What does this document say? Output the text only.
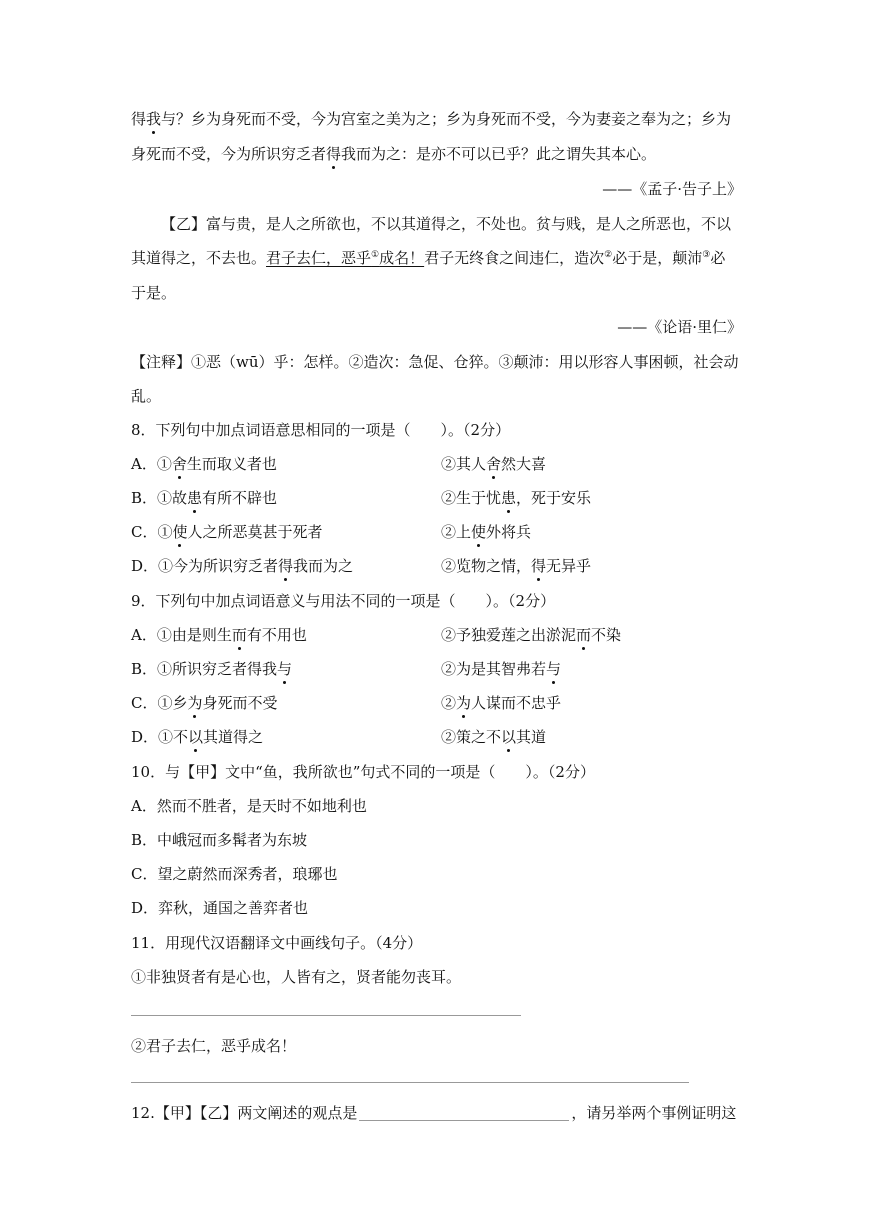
得我与？乡为身死而不受，今为宫室之美为之；乡为身死而不受，今为妻妾之奉为之；乡为
身死而不受，今为所识穷乏者得我而为之：是亦不可以已乎？此之谓失其本心。
——《孟子·告子上》
【乙】富与贵，是人之所欲也，不以其道得之，不处也。贫与贱，是人之所恶也，不以
其道得之，不去也。君子去仁，恶乎①成名！君子无终食之间违仁，造次②必于是，颠沛③必
于是。
——《论语·里仁》
【注释】①恶（wū）乎：怎样。②造次：急促、仓猝。③颠沛：用以形容人事困顿，社会动
乱。
8．下列句中加点词语意思相同的一项是（　　）。（2分）
A．①舍生而取义者也	②其人舍然大喜
B．①故患有所不辟也	②生于忧患，死于安乐
C．①使人之所恶莫甚于死者	②上使外将兵
D．①今为所识穷乏者得我而为之	②览物之情，得无异乎
9．下列句中加点词语意义与用法不同的一项是（　　）。（2分）
A．①由是则生而有不用也	②予独爱莲之出淤泥而不染
B．①所识穷乏者得我与	②为是其智弗若与
C．①乡为身死而不受	②为人谋而不忠乎
D．①不以其道得之	②策之不以其道
10．与【甲】文中“鱼，我所欲也”句式不同的一项是（　　）。（2分）
A．然而不胜者，是天时不如地利也
B．中峨冠而多髯者为东坡
C．望之蔚然而深秀者，琅琊也
D．弈秋，通国之善弈者也
11．用现代汉语翻译文中画线句子。（4分）
①非独贤者有是心也，人皆有之，贤者能勿丧耳。
②君子去仁，恶乎成名！
12.【甲】【乙】两文阐述的观点是	，请另举两个事例证明这
